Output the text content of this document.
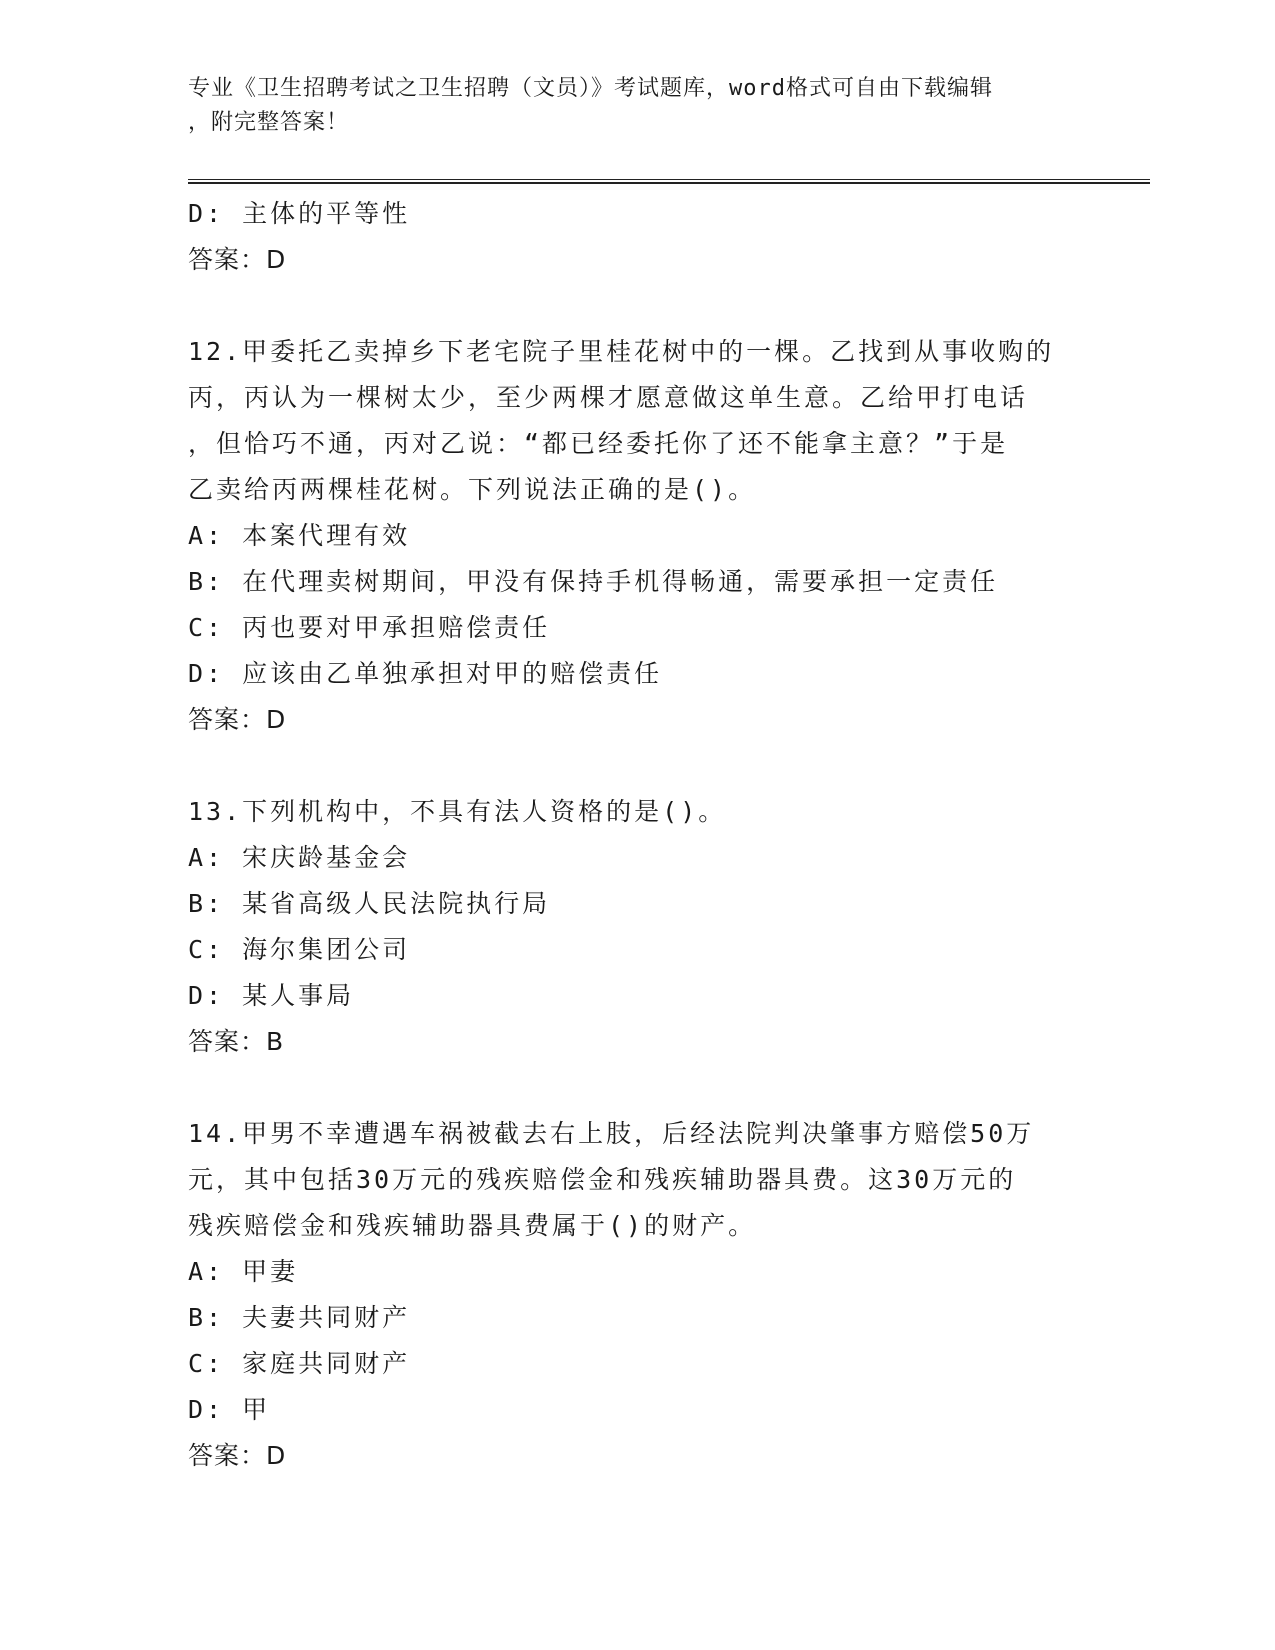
专业《卫生招聘考试之卫生招聘（文员）》考试题库，word格式可自由下载编辑
，附完整答案！
D: 主体的平等性
答案：D
12.甲委托乙卖掉乡下老宅院子里桂花树中的一棵。乙找到从事收购的
丙，丙认为一棵树太少，至少两棵才愿意做这单生意。乙给甲打电话
，但恰巧不通，丙对乙说：“都已经委托你了还不能拿主意？”于是
乙卖给丙两棵桂花树。下列说法正确的是()。
A: 本案代理有效
B: 在代理卖树期间，甲没有保持手机得畅通，需要承担一定责任
C: 丙也要对甲承担赔偿责任
D: 应该由乙单独承担对甲的赔偿责任
答案：D
13.下列机构中，不具有法人资格的是()。
A: 宋庆龄基金会
B: 某省高级人民法院执行局
C: 海尔集团公司
D: 某人事局
答案：B
14.甲男不幸遭遇车祸被截去右上肢，后经法院判决肇事方赔偿50万
元，其中包括30万元的残疾赔偿金和残疾辅助器具费。这30万元的
残疾赔偿金和残疾辅助器具费属于()的财产。
A: 甲妻
B: 夫妻共同财产
C: 家庭共同财产
D: 甲
答案：D
